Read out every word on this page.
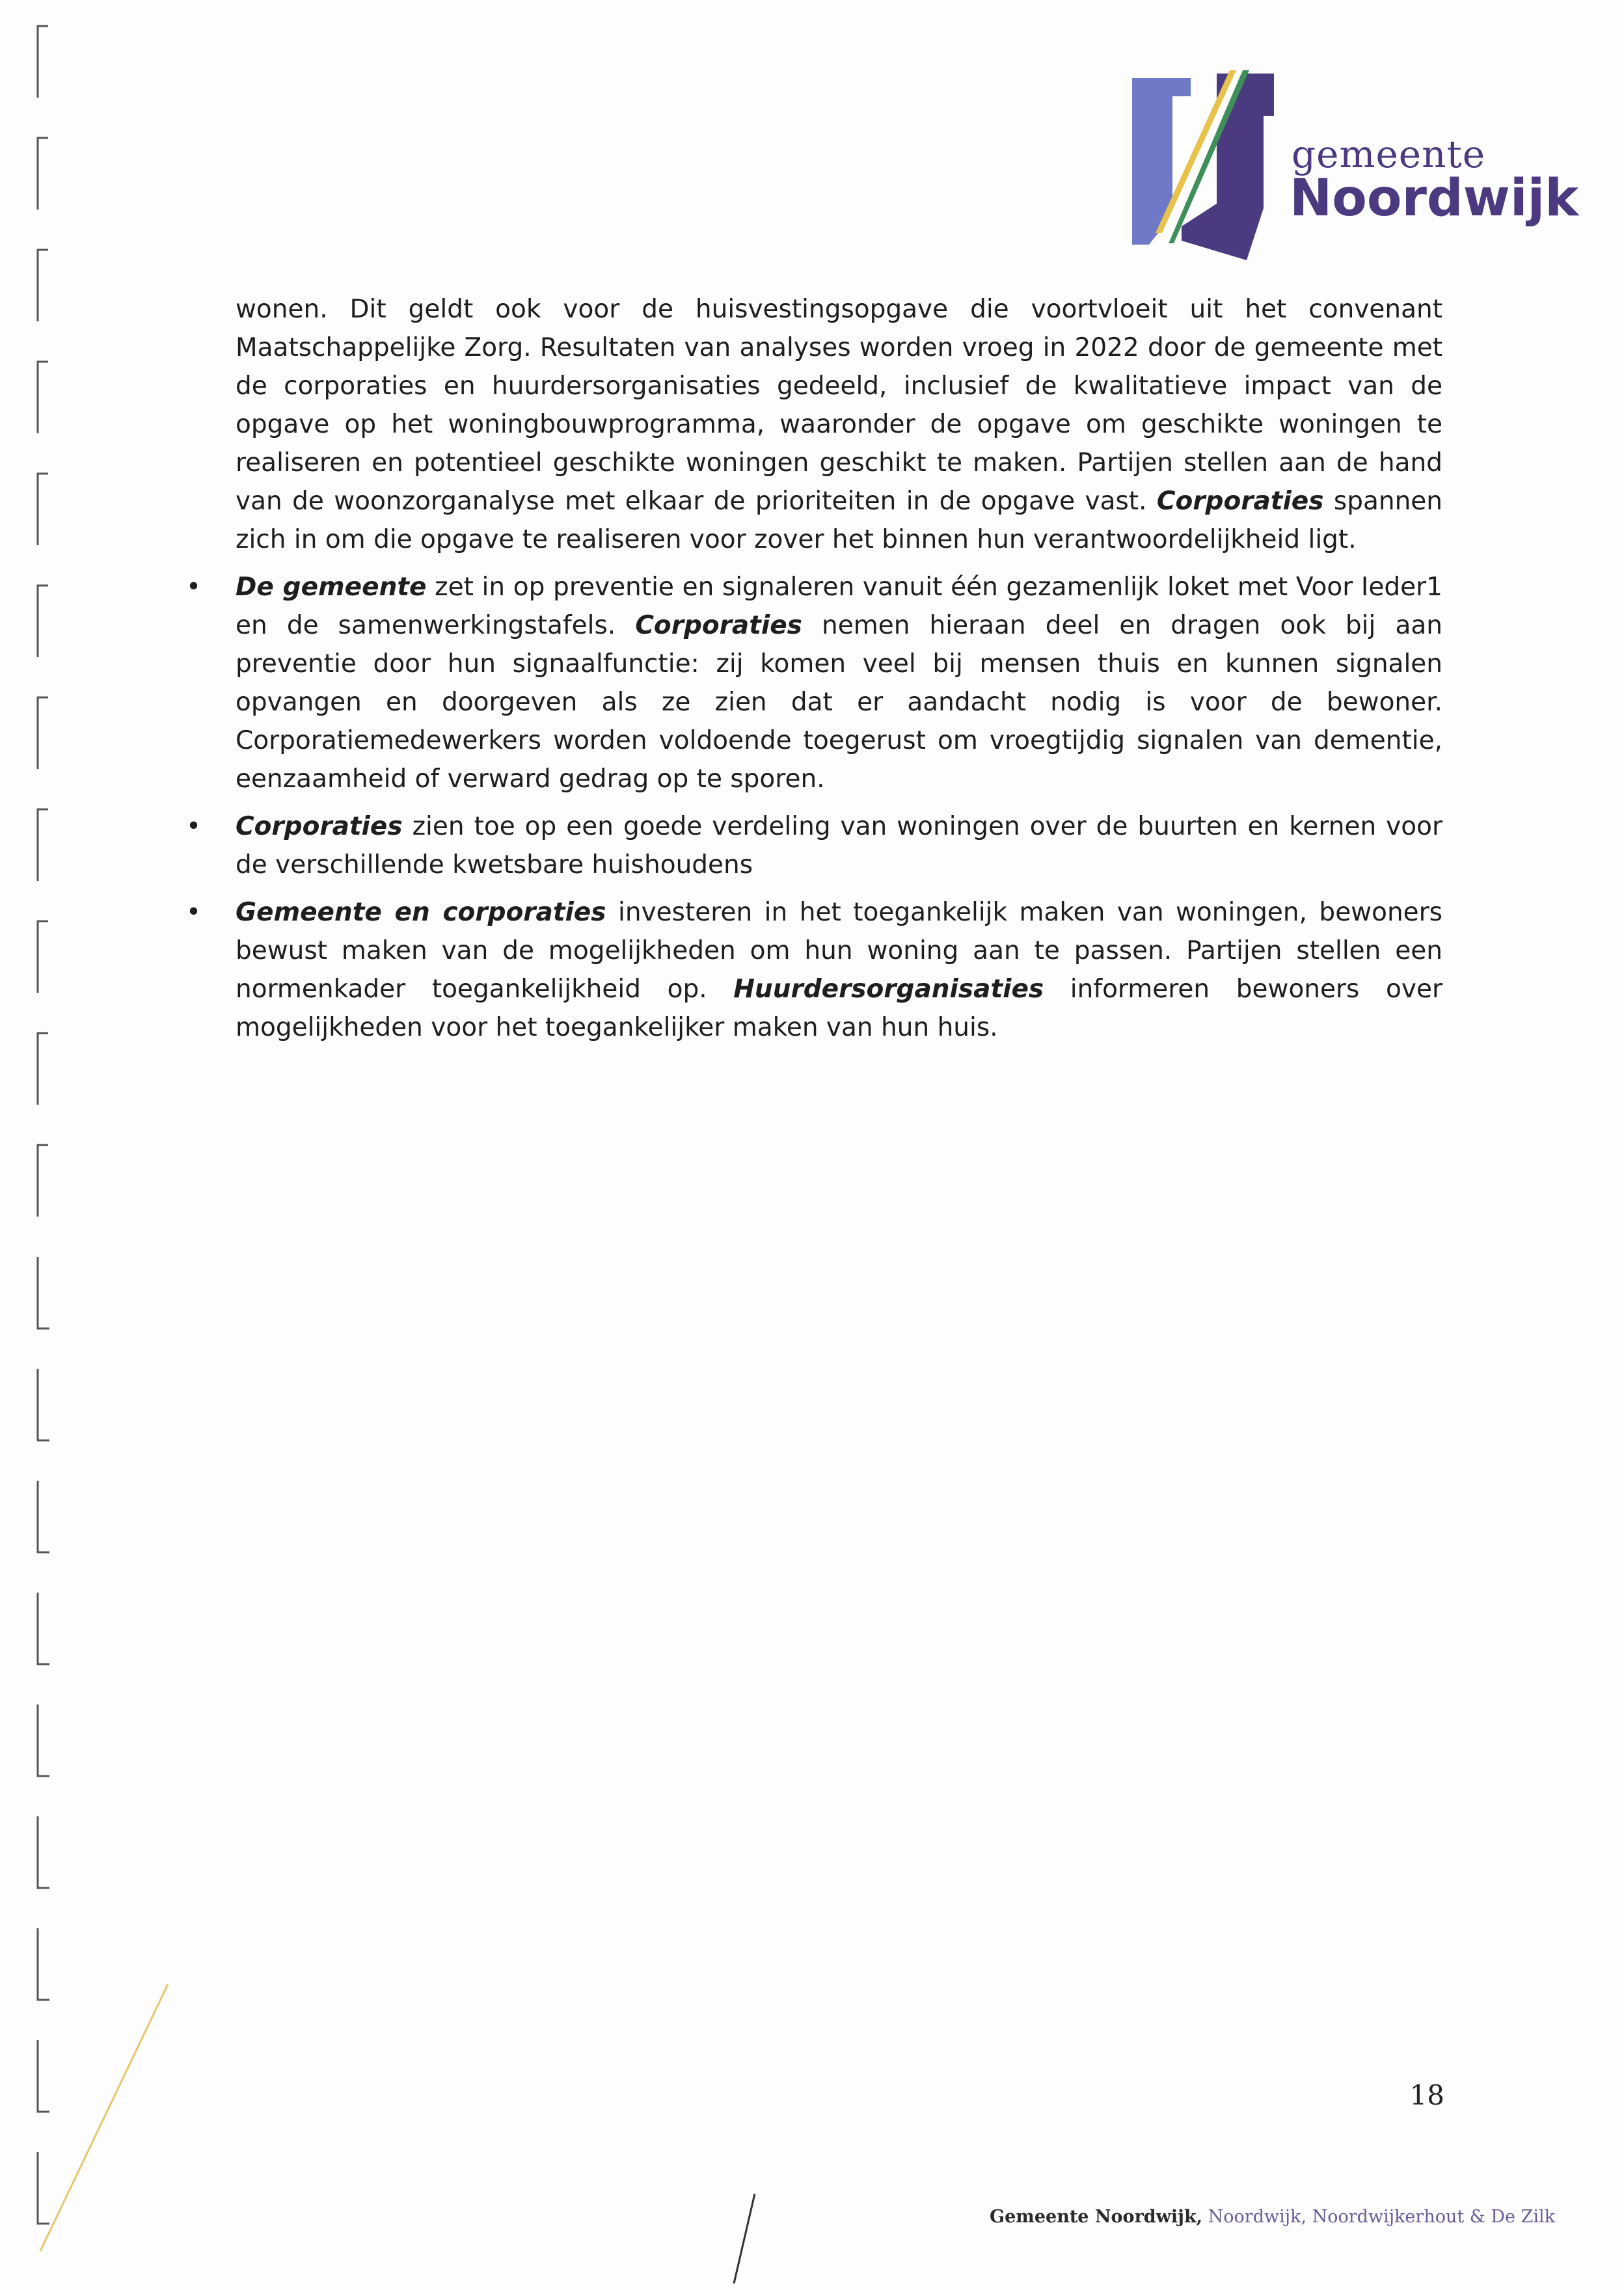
gemeente
Noordwijk

wonen. Dit geldt ook voor de huisvestingsopgave die voortvloeit uit het convenant Maatschappelijke Zorg. Resultaten van analyses worden vroeg in 2022 door de gemeente met de corporaties en huurdersorganisaties gedeeld, inclusief de kwalitatieve impact van de opgave op het woningbouwprogramma, waaronder de opgave om geschikte woningen te realiseren en potentieel geschikte woningen geschikt te maken. Partijen stellen aan de hand van de woonzorganalyse met elkaar de prioriteiten in de opgave vast. Corporaties spannen zich in om die opgave te realiseren voor zover het binnen hun verantwoordelijkheid ligt.

• De gemeente zet in op preventie en signaleren vanuit één gezamenlijk loket met Voor Ieder1 en de samenwerkingstafels. Corporaties nemen hieraan deel en dragen ook bij aan preventie door hun signaalfunctie: zij komen veel bij mensen thuis en kunnen signalen opvangen en doorgeven als ze zien dat er aandacht nodig is voor de bewoner. Corporatiemedewerkers worden voldoende toegerust om vroegtijdig signalen van dementie, eenzaamheid of verward gedrag op te sporen.
• Corporaties zien toe op een goede verdeling van woningen over de buurten en kernen voor de verschillende kwetsbare huishoudens
• Gemeente en corporaties investeren in het toegankelijk maken van woningen, bewoners bewust maken van de mogelijkheden om hun woning aan te passen. Partijen stellen een normenkader toegankelijkheid op. Huurdersorganisaties informeren bewoners over mogelijkheden voor het toegankelijker maken van hun huis.
18
Gemeente Noordwijk, Noordwijk, Noordwijkerhout & De Zilk
